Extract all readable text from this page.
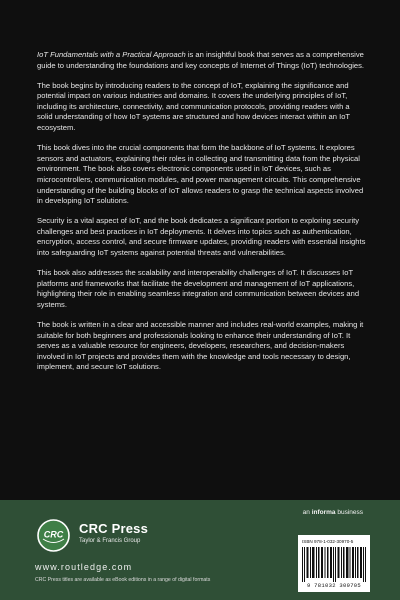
IoT Fundamentals with a Practical Approach is an insightful book that serves as a comprehensive guide to understanding the foundations and key concepts of Internet of Things (IoT) technologies.

The book begins by introducing readers to the concept of IoT, explaining the significance and potential impact on various industries and domains. It covers the underlying principles of IoT, including its architecture, connectivity, and communication protocols, providing readers with a solid understanding of how IoT systems are structured and how devices interact within an IoT ecosystem.

This book dives into the crucial components that form the backbone of IoT systems. It explores sensors and actuators, explaining their roles in collecting and transmitting data from the physical environment. The book also covers electronic components used in IoT devices, such as microcontrollers, communication modules, and power management circuits. This comprehensive understanding of the building blocks of IoT allows readers to grasp the technical aspects involved in developing IoT solutions.

Security is a vital aspect of IoT, and the book dedicates a significant portion to exploring security challenges and best practices in IoT deployments. It delves into topics such as authentication, encryption, access control, and secure firmware updates, providing readers with essential insights into safeguarding IoT systems against potential threats and vulnerabilities.

This book also addresses the scalability and interoperability challenges of IoT. It discusses IoT platforms and frameworks that facilitate the development and management of IoT applications, highlighting their role in enabling seamless integration and communication between devices and systems.

The book is written in a clear and accessible manner and includes real-world examples, making it suitable for both beginners and professionals looking to enhance their understanding of IoT. It serves as a valuable resource for engineers, developers, researchers, and decision-makers involved in IoT projects and provides them with the knowledge and tools necessary to design, implement, and secure IoT solutions.

an informa business
CRC CRC Press
Taylor & Francis Group
www.routledge.com
CRC Press titles are available as eBook editions in a range of digital formats
ISBN 978-1-032-30970-5
9 781032 309705
